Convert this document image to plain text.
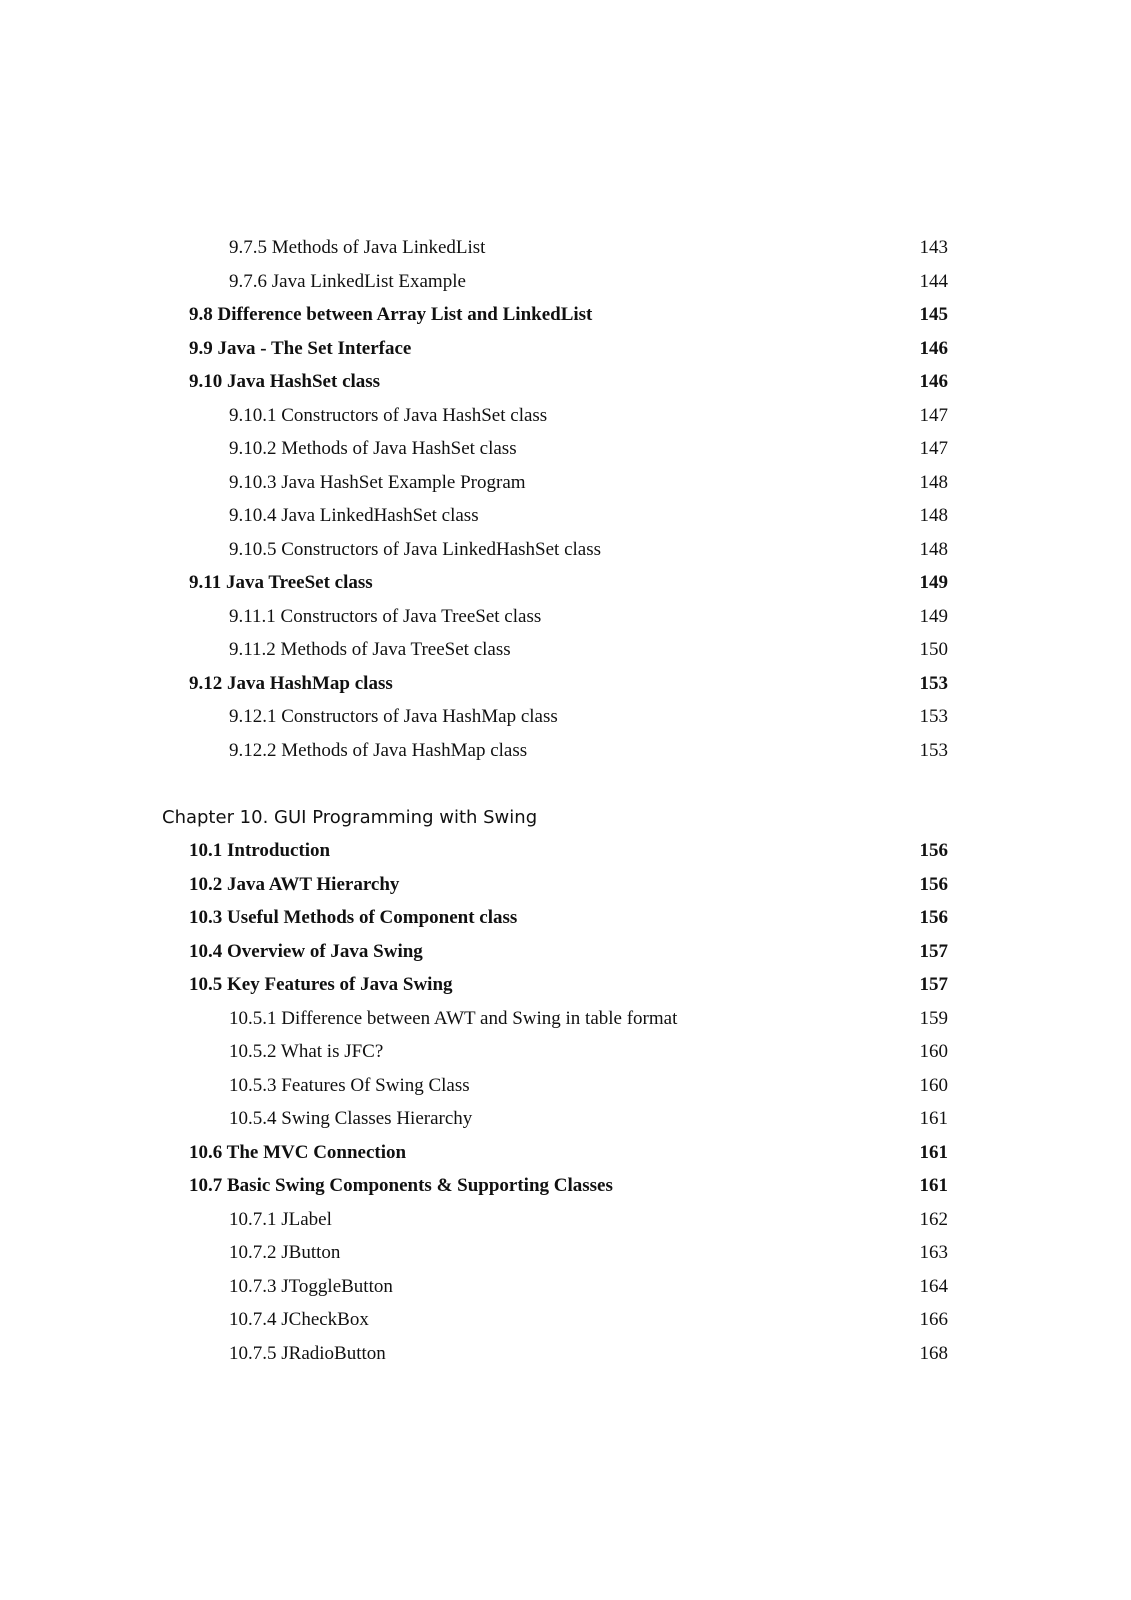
9.7.5 Methods of Java LinkedList	143
9.7.6 Java LinkedList Example	144
9.8 Difference between Array List and LinkedList	145
9.9 Java - The Set Interface	146
9.10 Java HashSet class	146
9.10.1 Constructors of Java HashSet class	147
9.10.2 Methods of Java HashSet class	147
9.10.3 Java HashSet Example Program	148
9.10.4 Java LinkedHashSet class	148
9.10.5 Constructors of Java LinkedHashSet class	148
9.11 Java TreeSet class	149
9.11.1 Constructors of Java TreeSet class	149
9.11.2 Methods of Java TreeSet class	150
9.12 Java HashMap class	153
9.12.1 Constructors of Java HashMap class	153
9.12.2 Methods of Java HashMap class	153
Chapter 10. GUI Programming with Swing
10.1 Introduction	156
10.2 Java AWT Hierarchy	156
10.3 Useful Methods of Component class	156
10.4 Overview of Java Swing	157
10.5 Key Features of Java Swing	157
10.5.1 Difference between AWT and Swing in table format	159
10.5.2 What is JFC?	160
10.5.3 Features Of Swing Class	160
10.5.4 Swing Classes Hierarchy	161
10.6 The MVC Connection	161
10.7 Basic Swing Components & Supporting Classes	161
10.7.1 JLabel	162
10.7.2 JButton	163
10.7.3 JToggleButton	164
10.7.4 JCheckBox	166
10.7.5 JRadioButton	168
